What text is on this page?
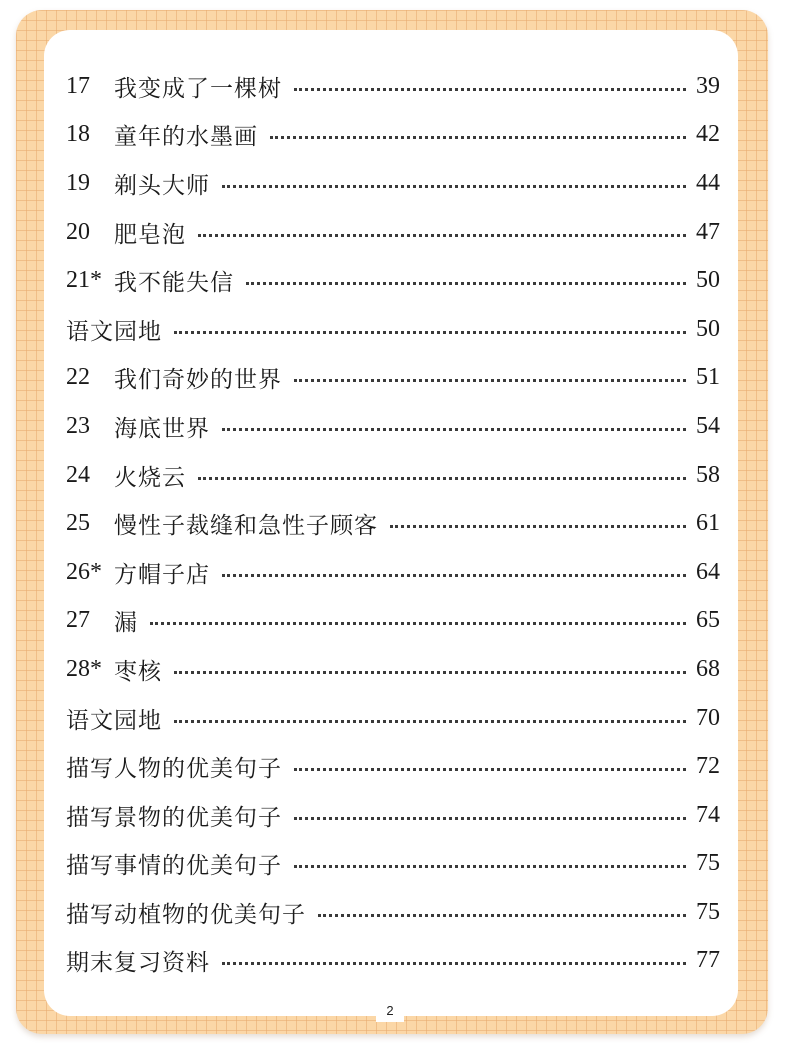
17	我变成了一棵树	39
18	童年的水墨画	42
19	剃头大师	44
20	肥皂泡	47
21* 我不能失信	50
语文园地	50
22	我们奇妙的世界	51
23	海底世界	54
24	火烧云	58
25	慢性子裁缝和急性子顾客	61
26* 方帽子店	64
27	漏	65
28* 枣核	68
语文园地	70
描写人物的优美句子	72
描写景物的优美句子	74
描写事情的优美句子	75
描写动植物的优美句子	75
期末复习资料	77
2
